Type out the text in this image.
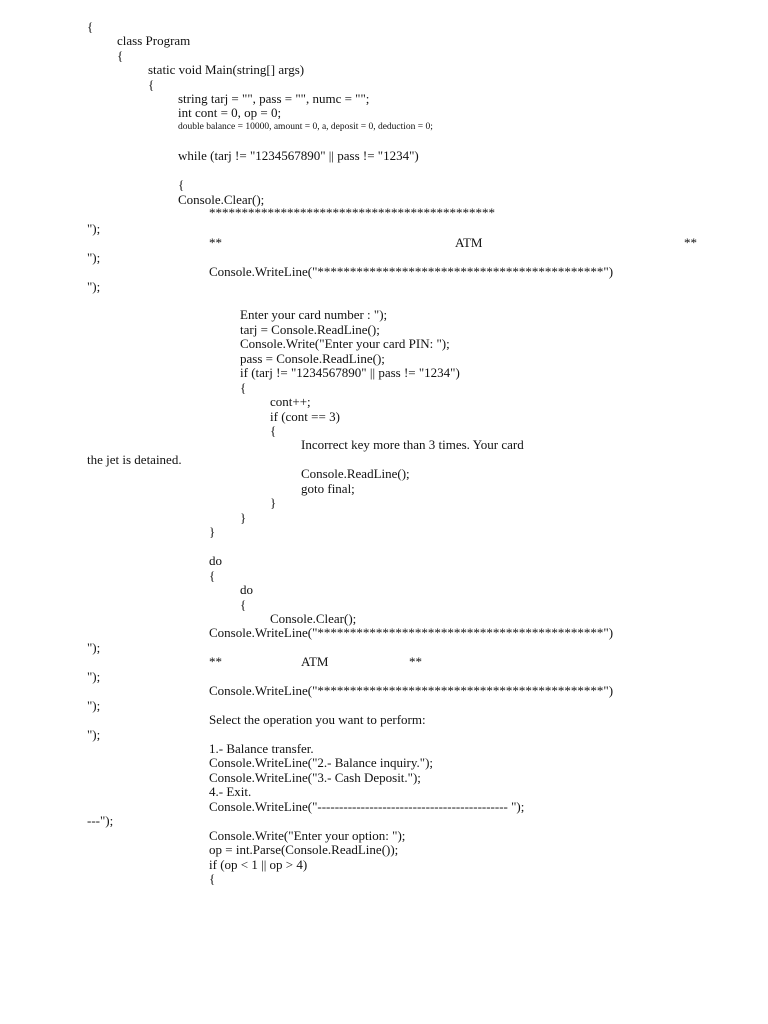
{
class Program
{
static void Main(string[] args)
{
string tarj = "", pass = "", numc = "";
int cont = 0, op = 0;
double balance = 10000, amount = 0, a, deposit = 0, deduction = 0;
while (tarj != "1234567890" || pass != "1234")
{
Console.Clear();
********************************************
");
**	ATM	**
");
Console.WriteLine("********************************************")
");
Enter your card number : ");
tarj = Console.ReadLine();
Console.Write("Enter your card PIN: ");
pass = Console.ReadLine();
if (tarj != "1234567890" || pass != "1234")
{
cont++;
if (cont == 3)
{
Incorrect key more than 3 times. Your card
the jet is detained.
Console.ReadLine();
goto final;
}
}
}
do
{
do
{
Console.Clear();
Console.WriteLine("********************************************")
");
**	ATM	**
");
Console.WriteLine("********************************************")
");
Select the operation you want to perform:
");
1.- Balance transfer.
Console.WriteLine("2.- Balance inquiry.");
Console.WriteLine("3.- Cash Deposit.");
4.- Exit.
Console.WriteLine("-------------------------------------------- ");
---");
Console.Write("Enter your option: ");
op = int.Parse(Console.ReadLine());
if (op < 1 || op > 4)
{
